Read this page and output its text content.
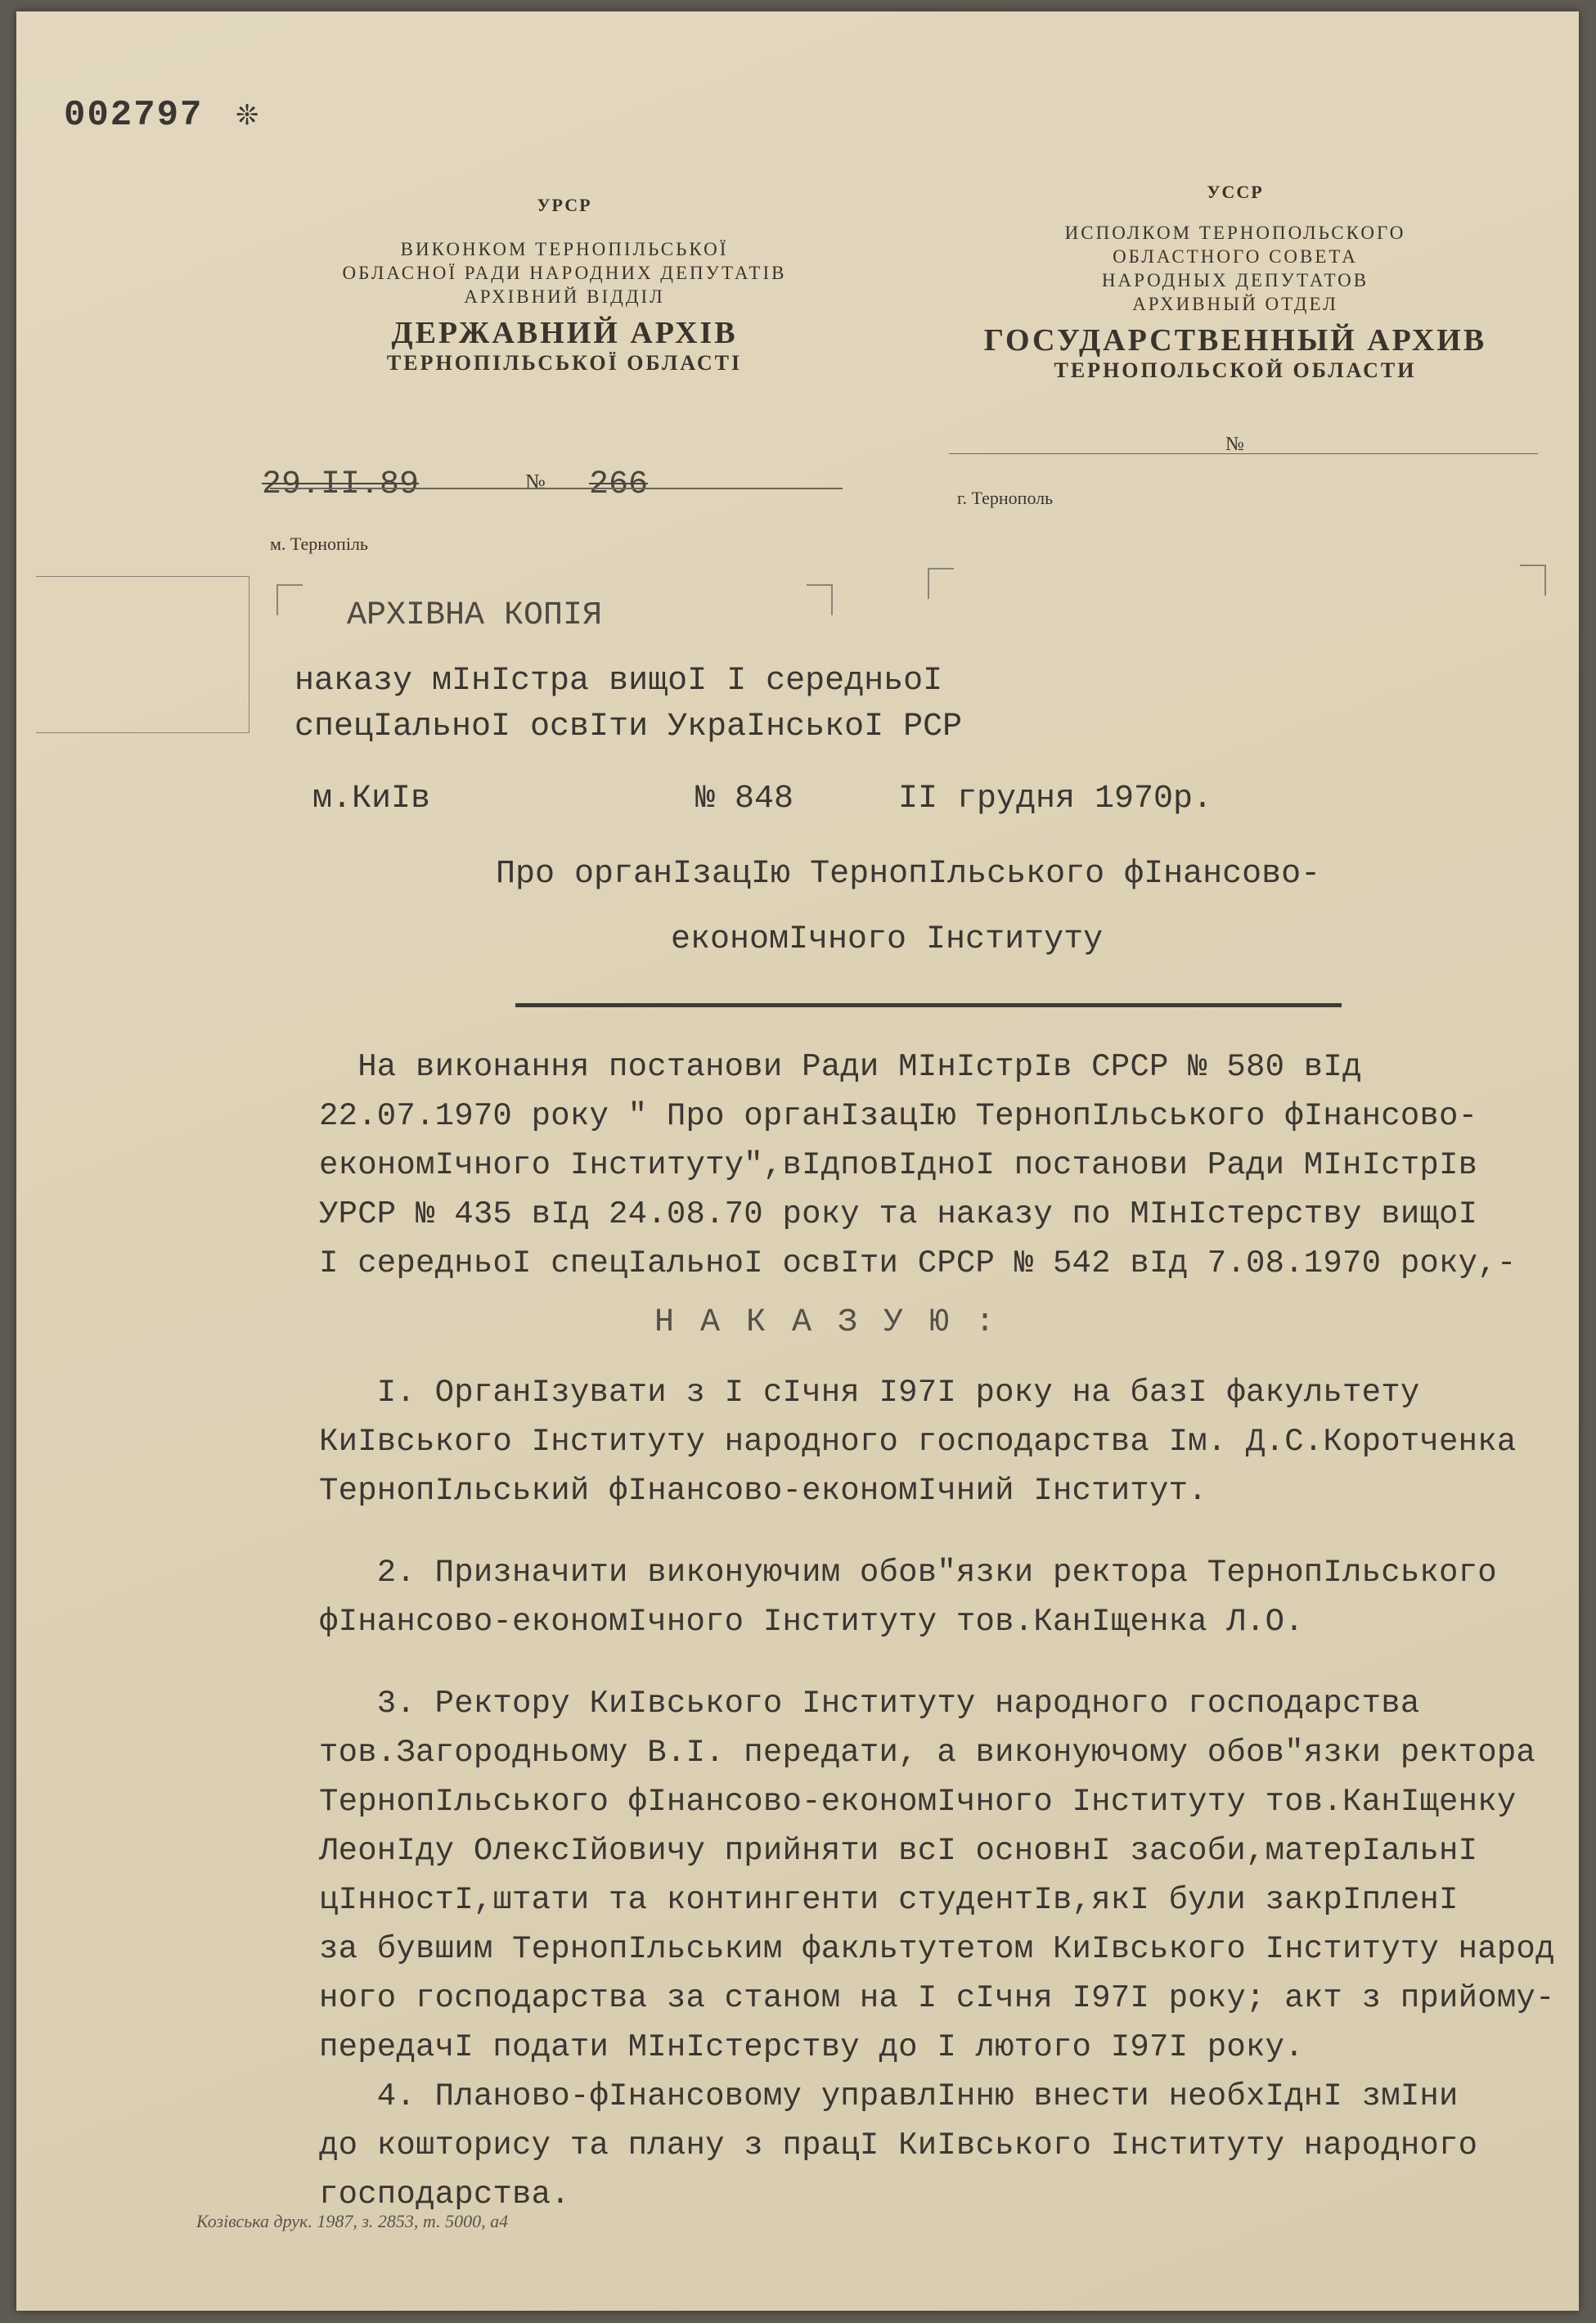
002797 ❊
УРСР
ВИКОНКОМ ТЕРНОПІЛЬСЬКОЇ
ОБЛАСНОЇ РАДИ НАРОДНИХ ДЕПУТАТІВ
АРХІВНИЙ ВІДДІЛ
ДЕРЖАВНИЙ АРХІВ
ТЕРНОПІЛЬСЬКОЇ ОБЛАСТІ
29.II.89	№ 266
м. Тернопіль
УССР
ИСПОЛКОМ ТЕРНОПОЛЬСКОГО
ОБЛАСТНОГО СОВЕТА
НАРОДНЫХ ДЕПУТАТОВ
АРХИВНЫЙ ОТДЕЛ
ГОСУДАРСТВЕННЫЙ АРХИВ
ТЕРНОПОЛЬСКОЙ ОБЛАСТИ
№
г. Тернополь
АРХІВНА КОПІЯ
наказу мІнІстра вищоІ І середньоІ
спецІальноІ освІти УкраІнськоІ РСР
м.КиІв	№ 848	II грудня 1970р.
Про органІзацІю ТернопІльського фІнансово-
економІчного Інституту
На виконання постанови Ради МІнІстрІв СРСР № 580 вІд
22.07.1970 року " Про органІзацІю ТернопІльського фІнансово-
економІчного Інституту",вІдповІдноІ постанови Ради МІнІстрІв
УРСР № 435 вІд 24.08.70 року та наказу по МІнІстерству вищоІ
І середньоІ спецІальноІ освІти СРСР № 542 вІд 7.08.1970 року,-
Н А К А З У Ю :
I. ОрганІзувати з I сІчня I97I року на базІ факультету
КиІвського Інституту народного господарства Ім. Д.С.Коротченка
ТернопІльський фІнансово-економІчний Інститут.
2. Призначити виконуючим обов"язки ректора ТернопІльського
фІнансово-економІчного Інституту тов.КанІщенка Л.О.
3. Ректору КиІвського Інституту народного господарства
тов.Загородньому В.І. передати, а виконуючому обов"язки ректора
ТернопІльського фІнансово-економІчного Інституту тов.КанІщенку
ЛеонІду ОлексІйовичу прийняти всІ основнІ засоби,матерІальнІ
цІнностІ,штати та контингенти студентІв,якІ були закрІпленІ
за бувшим ТернопІльським факльтутетом КиІвського Інституту народ
ного господарства за станом на I сІчня I97I року; акт з прийому-
передачІ подати МІнІстерству до I лютого I97I року.
4. Планово-фІнансовому управлІнню внести необхІднІ змІни
до кошторису та плану з працІ КиІвського Інституту народного
господарства.
Козівська друк. 1987, з. 2853, т. 5000, а4
